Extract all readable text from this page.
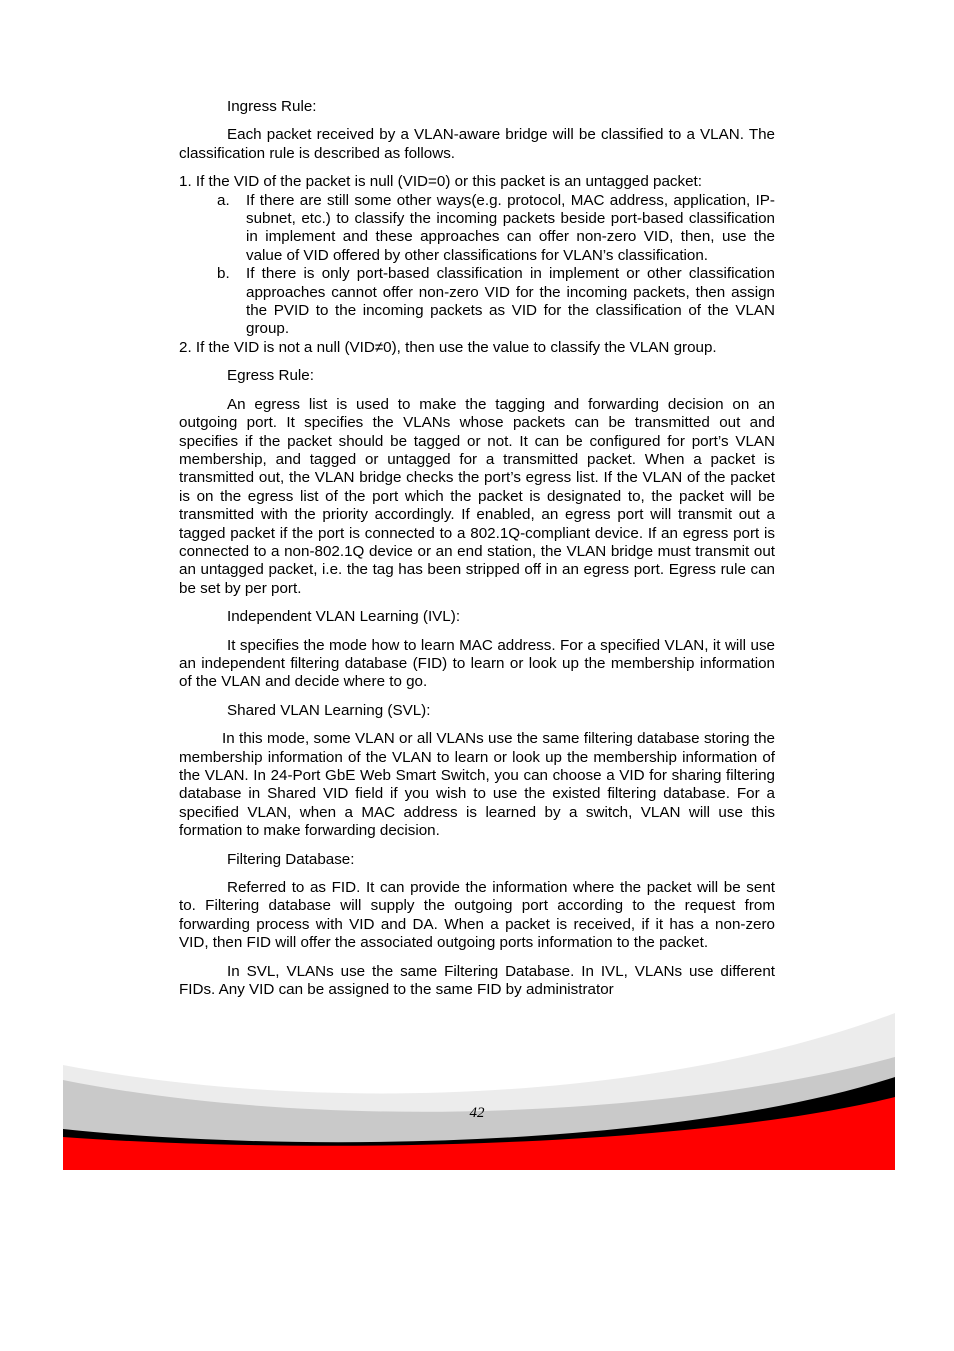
Ingress Rule:

Each packet received by a VLAN-aware bridge will be classified to a VLAN. The classification rule is described as follows.

1. If the VID of the packet is null (VID=0) or this packet is an untagged packet:

a.	If there are still some other ways(e.g. protocol, MAC address, application, IP-subnet, etc.) to classify the incoming packets beside port-based classification in implement and these approaches can offer non-zero VID, then, use the value of VID offered by other classifications for VLAN’s classification.
b.	If there is only port-based classification in implement or other classification approaches cannot offer non-zero VID for the incoming packets, then assign the PVID to the incoming packets as VID for the classification of the VLAN group.

2. If the VID is not a null (VID≠0), then use the value to classify the VLAN group.

Egress Rule:

An egress list is used to make the tagging and forwarding decision on an outgoing port. It specifies the VLANs whose packets can be transmitted out and specifies if the packet should be tagged or not. It can be configured for port’s VLAN membership, and tagged or untagged for a transmitted packet. When a packet is transmitted out, the VLAN bridge checks the port’s egress list. If the VLAN of the packet is on the egress list of the port which the packet is designated to, the packet will be transmitted with the priority accordingly. If enabled, an egress port will transmit out a tagged packet if the port is connected to a 802.1Q-compliant device. If an egress port is connected to a non-802.1Q device or an end station, the VLAN bridge must transmit out an untagged packet, i.e. the tag has been stripped off in an egress port. Egress rule can be set by per port.

Independent VLAN Learning (IVL):

It specifies the mode how to learn MAC address. For a specified VLAN, it will use an independent filtering database (FID) to learn or look up the membership information of the VLAN and decide where to go.

Shared VLAN Learning (SVL):

In this mode, some VLAN or all VLANs use the same filtering database storing the membership information of the VLAN to learn or look up the membership information of the VLAN. In 24-Port GbE Web Smart Switch, you can choose a VID for sharing filtering database in Shared VID field if you wish to use the existed filtering database. For a specified VLAN, when a MAC address is learned by a switch, VLAN will use this formation to make forwarding decision.

Filtering Database:

Referred to as FID. It can provide the information where the packet will be sent to. Filtering database will supply the outgoing port according to the request from forwarding process with VID and DA. When a packet is received, if it has a non-zero VID, then FID will offer the associated outgoing ports information to the packet.

In SVL, VLANs use the same Filtering Database. In IVL, VLANs use different FIDs. Any VID can be assigned to the same FID by administrator

42
